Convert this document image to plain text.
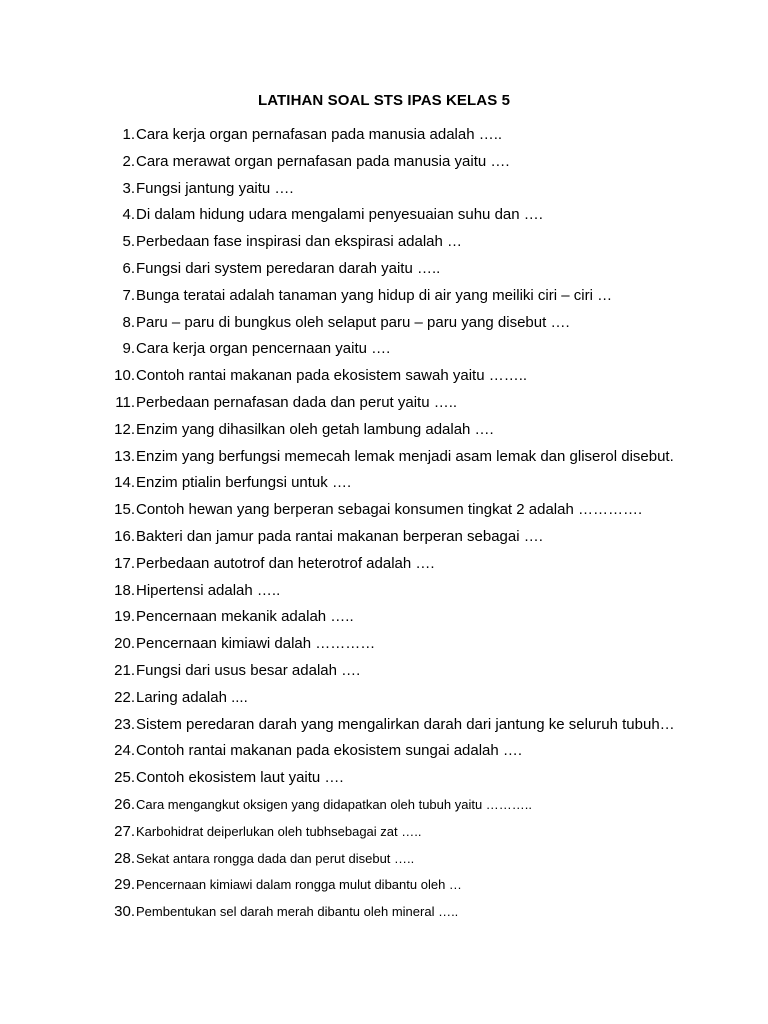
LATIHAN SOAL STS IPAS KELAS 5
1. Cara kerja organ pernafasan pada manusia adalah …..
2. Cara merawat organ pernafasan pada manusia yaitu ….
3. Fungsi jantung yaitu ….
4. Di dalam hidung udara mengalami penyesuaian suhu dan ….
5. Perbedaan fase inspirasi dan ekspirasi adalah …
6. Fungsi dari system peredaran darah yaitu …..
7. Bunga teratai adalah tanaman yang hidup di air yang meiliki ciri – ciri …
8. Paru – paru di bungkus oleh selaput paru – paru yang disebut ….
9. Cara kerja organ pencernaan yaitu ….
10. Contoh rantai makanan pada ekosistem sawah yaitu ……..
11. Perbedaan pernafasan dada dan perut yaitu …..
12. Enzim yang dihasilkan oleh getah lambung adalah ….
13. Enzim yang berfungsi memecah lemak menjadi asam lemak dan gliserol disebut.
14. Enzim ptialin berfungsi untuk ….
15. Contoh hewan yang berperan sebagai konsumen tingkat 2 adalah ………….
16. Bakteri dan jamur pada rantai makanan berperan sebagai ….
17. Perbedaan autotrof dan heterotrof adalah ….
18. Hipertensi adalah …..
19. Pencernaan mekanik adalah …..
20. Pencernaan kimiawi dalah …………
21. Fungsi dari usus besar adalah ….
22. Laring adalah ....
23. Sistem peredaran darah yang mengalirkan darah dari jantung ke seluruh tubuh…
24. Contoh rantai makanan pada ekosistem sungai adalah ….
25. Contoh ekosistem laut yaitu ….
26. Cara mengangkut oksigen yang didapatkan oleh tubuh yaitu ………..
27. Karbohidrat deiperlukan oleh tubhsebagai zat …..
28. Sekat antara rongga dada dan perut disebut …..
29. Pencernaan kimiawi dalam rongga mulut dibantu oleh …
30. Pembentukan sel darah merah dibantu oleh mineral …..
